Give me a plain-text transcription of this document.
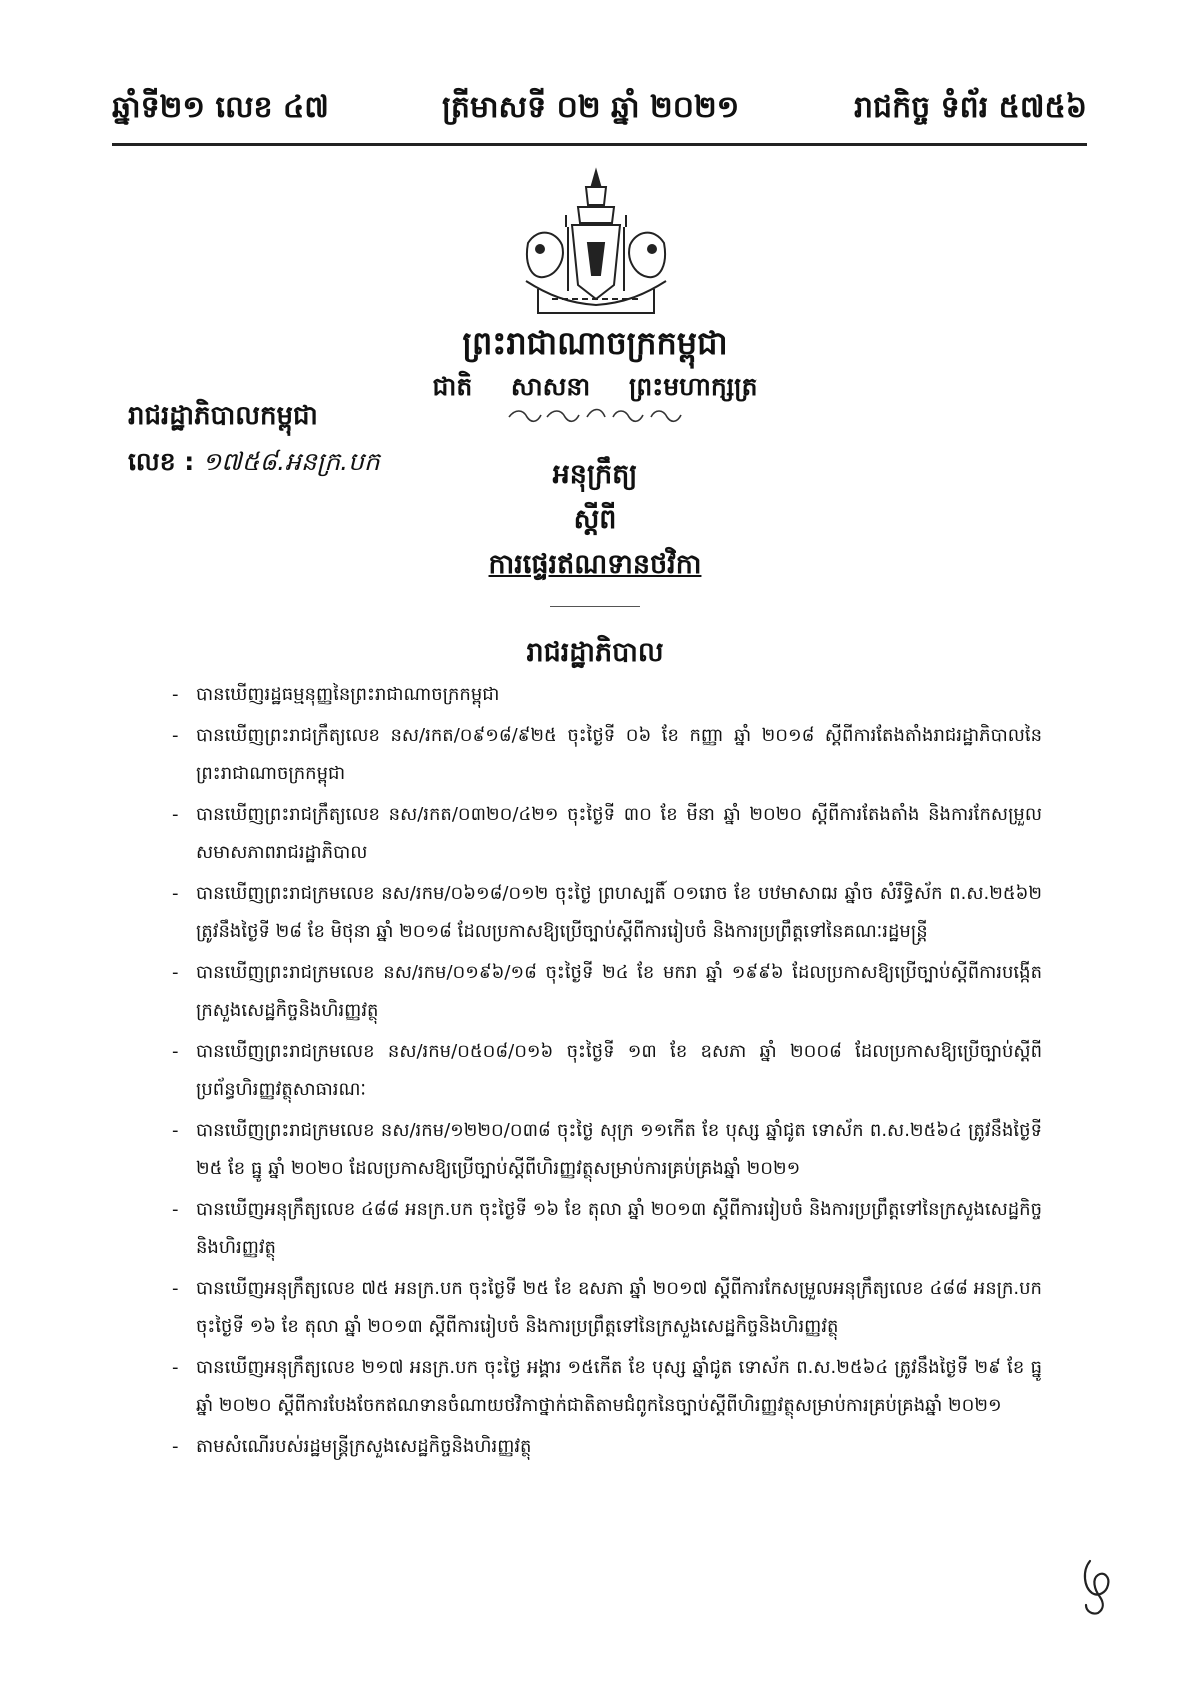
ឆ្នាំទី២១ លេខ ៤៧	ត្រីមាសទី ០២ ឆ្នាំ ២០២១	រាជកិច្ច ទំព័រ ៥៧៥៦
ព្រះរាជាណាចក្រកម្ពុជា
ជាតិ សាសនា ព្រះមហាក្សត្រ
រាជរដ្ឋាភិបាលកម្ពុជា
លេខ : ១៧៥៨.អនក្រ.បក	អនុក្រឹត្យ
ស្តីពី
ការផ្ទេរឥណទានថវិកា
រាជរដ្ឋាភិបាល
- បានឃើញរដ្ឋធម្មនុញ្ញនៃព្រះរាជាណាចក្រកម្ពុជា
- បានឃើញព្រះរាជក្រឹត្យលេខ នស/រកត/០៩១៨/៩២៥ ចុះថ្ងៃទី ០៦ ខែ កញ្ញា ឆ្នាំ ២០១៨ ស្តីពីការតែងតាំងរាជរដ្ឋាភិបាលនៃព្រះរាជាណាចក្រកម្ពុជា
- បានឃើញព្រះរាជក្រឹត្យលេខ នស/រកត/០៣២០/៤២១ ចុះថ្ងៃទី ៣០ ខែ មីនា ឆ្នាំ ២០២០ ស្តីពីការតែងតាំង និងការកែសម្រួលសមាសភាពរាជរដ្ឋាភិបាល
- បានឃើញព្រះរាជក្រមលេខ នស/រកម/០៦១៨/០១២ ចុះថ្ងៃ ព្រហស្បតិ៍ ០១រោច ខែ បឋមាសាឍ ឆ្នាំច សំរឹទ្ធិស័ក ព.ស.២៥៦២ ត្រូវនឹងថ្ងៃទី ២៨ ខែ មិថុនា ឆ្នាំ ២០១៨ ដែលប្រកាសឱ្យប្រើច្បាប់ស្តីពីការរៀបចំ និងការប្រព្រឹត្តទៅនៃគណៈរដ្ឋមន្ត្រី
- បានឃើញព្រះរាជក្រមលេខ នស/រកម/០១៩៦/១៨ ចុះថ្ងៃទី ២៤ ខែ មករា ឆ្នាំ ១៩៩៦ ដែលប្រកាសឱ្យប្រើច្បាប់ស្តីពីការបង្កើតក្រសួងសេដ្ឋកិច្ចនិងហិរញ្ញវត្ថុ
- បានឃើញព្រះរាជក្រមលេខ នស/រកម/០៥០៨/០១៦ ចុះថ្ងៃទី ១៣ ខែ ឧសភា ឆ្នាំ ២០០៨ ដែលប្រកាសឱ្យប្រើច្បាប់ស្តីពីប្រព័ន្ធហិរញ្ញវត្ថុសាធារណៈ
- បានឃើញព្រះរាជក្រមលេខ នស/រកម/១២២០/០៣៨ ចុះថ្ងៃ សុក្រ ១១កើត ខែ បុស្ស ឆ្នាំជូត ទោស័ក ព.ស.២៥៦៤ ត្រូវនឹងថ្ងៃទី ២៥ ខែ ធ្នូ ឆ្នាំ ២០២០ ដែលប្រកាសឱ្យប្រើច្បាប់ស្តីពីហិរញ្ញវត្ថុសម្រាប់ការគ្រប់គ្រងឆ្នាំ ២០២១
- បានឃើញអនុក្រឹត្យលេខ ៤៨៨ អនក្រ.បក ចុះថ្ងៃទី ១៦ ខែ តុលា ឆ្នាំ ២០១៣ ស្តីពីការរៀបចំ និងការប្រព្រឹត្តទៅនៃក្រសួងសេដ្ឋកិច្ចនិងហិរញ្ញវត្ថុ
- បានឃើញអនុក្រឹត្យលេខ ៧៥ អនក្រ.បក ចុះថ្ងៃទី ២៥ ខែ ឧសភា ឆ្នាំ ២០១៧ ស្តីពីការកែសម្រួលអនុក្រឹត្យលេខ ៤៨៨ អនក្រ.បក ចុះថ្ងៃទី ១៦ ខែ តុលា ឆ្នាំ ២០១៣ ស្តីពីការរៀបចំ និងការប្រព្រឹត្តទៅនៃក្រសួងសេដ្ឋកិច្ចនិងហិរញ្ញវត្ថុ
- បានឃើញអនុក្រឹត្យលេខ ២១៧ អនក្រ.បក ចុះថ្ងៃ អង្គារ ១៥កើត ខែ បុស្ស ឆ្នាំជូត ទោស័ក ព.ស.២៥៦៤ ត្រូវនឹងថ្ងៃទី ២៩ ខែ ធ្នូ ឆ្នាំ ២០២០ ស្តីពីការបែងចែកឥណទានចំណាយថវិកាថ្នាក់ជាតិតាមជំពូកនៃច្បាប់ស្តីពីហិរញ្ញវត្ថុសម្រាប់ការគ្រប់គ្រងឆ្នាំ ២០២១
- តាមសំណើរបស់រដ្ឋមន្ត្រីក្រសួងសេដ្ឋកិច្ចនិងហិរញ្ញវត្ថុ
